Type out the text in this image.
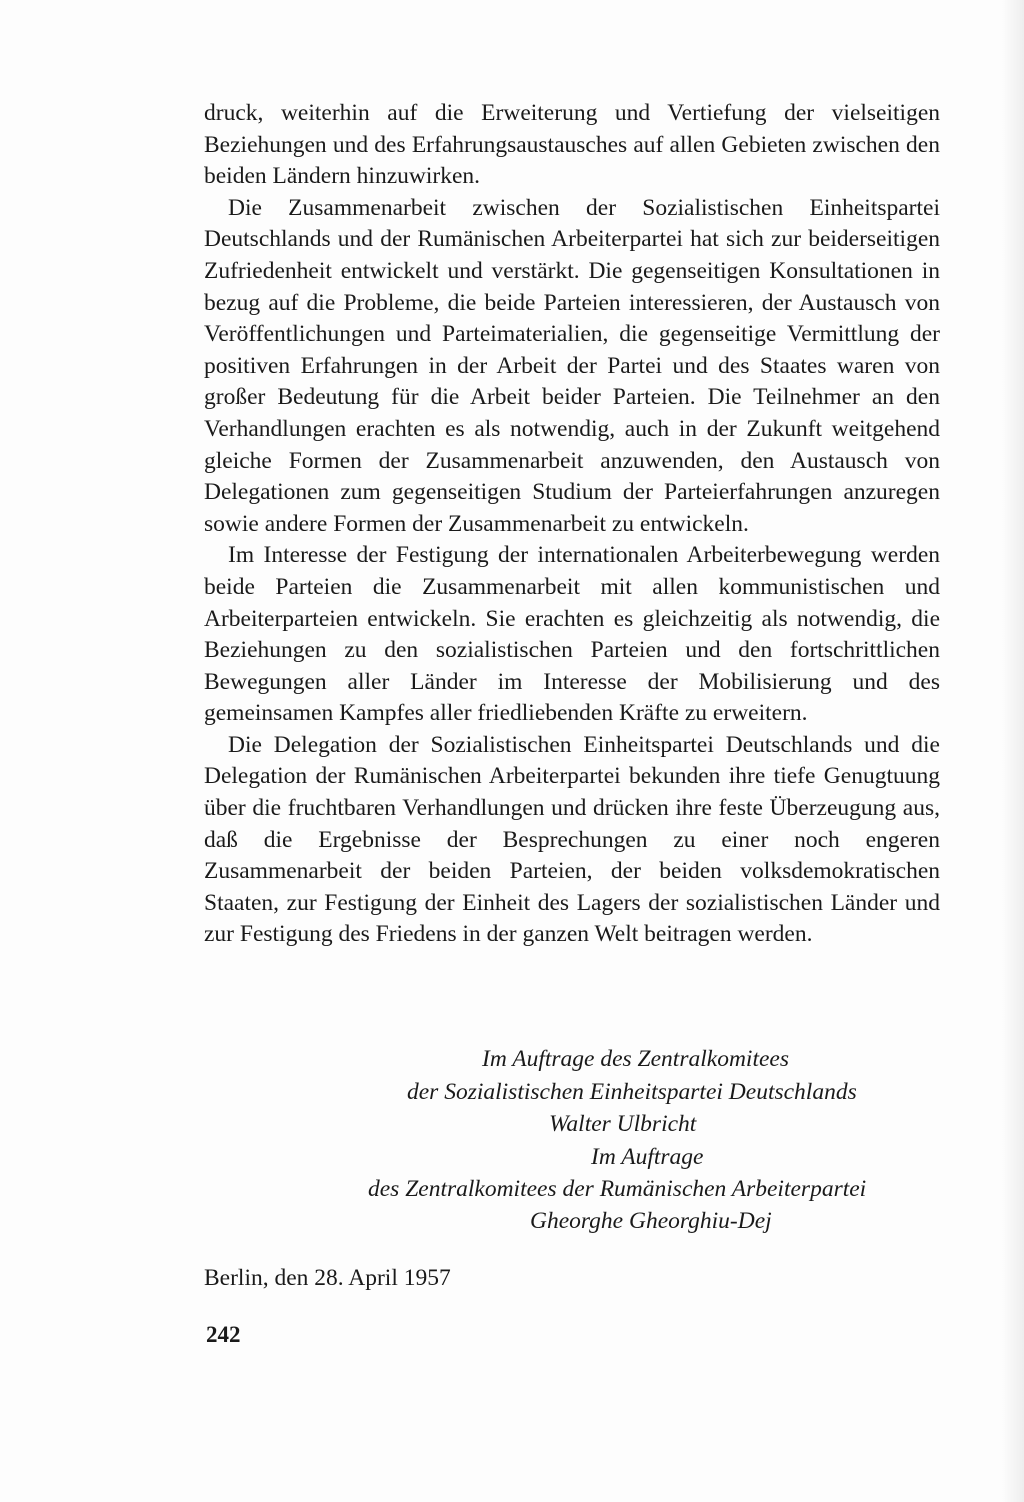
druck, weiterhin auf die Erweiterung und Vertiefung der vielseitigen Beziehungen und des Erfahrungsaustausches auf allen Gebieten zwischen den beiden Ländern hinzuwirken.

Die Zusammenarbeit zwischen der Sozialistischen Einheitspartei Deutschlands und der Rumänischen Arbeiterpartei hat sich zur beiderseitigen Zufriedenheit entwickelt und verstärkt. Die gegenseitigen Konsultationen in bezug auf die Probleme, die beide Parteien interessieren, der Austausch von Veröffentlichungen und Parteimaterialien, die gegenseitige Vermittlung der positiven Erfahrungen in der Arbeit der Partei und des Staates waren von großer Bedeutung für die Arbeit beider Parteien. Die Teilnehmer an den Verhandlungen erachten es als notwendig, auch in der Zukunft weitgehend gleiche Formen der Zusammenarbeit anzuwenden, den Austausch von Delegationen zum gegenseitigen Studium der Parteierfahrungen anzuregen sowie andere Formen der Zusammenarbeit zu entwickeln.

Im Interesse der Festigung der internationalen Arbeiterbewegung werden beide Parteien die Zusammenarbeit mit allen kommunistischen und Arbeiterparteien entwickeln. Sie erachten es gleichzeitig als notwendig, die Beziehungen zu den sozialistischen Parteien und den fortschrittlichen Bewegungen aller Länder im Interesse der Mobilisierung und des gemeinsamen Kampfes aller friedliebenden Kräfte zu erweitern.

Die Delegation der Sozialistischen Einheitspartei Deutschlands und die Delegation der Rumänischen Arbeiterpartei bekunden ihre tiefe Genugtuung über die fruchtbaren Verhandlungen und drücken ihre feste Überzeugung aus, daß die Ergebnisse der Besprechungen zu einer noch engeren Zusammenarbeit der beiden Parteien, der beiden volksdemokratischen Staaten, zur Festigung der Einheit des Lagers der sozialistischen Länder und zur Festigung des Friedens in der ganzen Welt beitragen werden.

Im Auftrage des Zentralkomitees
der Sozialistischen Einheitspartei Deutschlands
Walter Ulbricht
Im Auftrage
des Zentralkomitees der Rumänischen Arbeiterpartei
Gheorghe Gheorghiu-Dej
Berlin, den 28. April 1957
242
